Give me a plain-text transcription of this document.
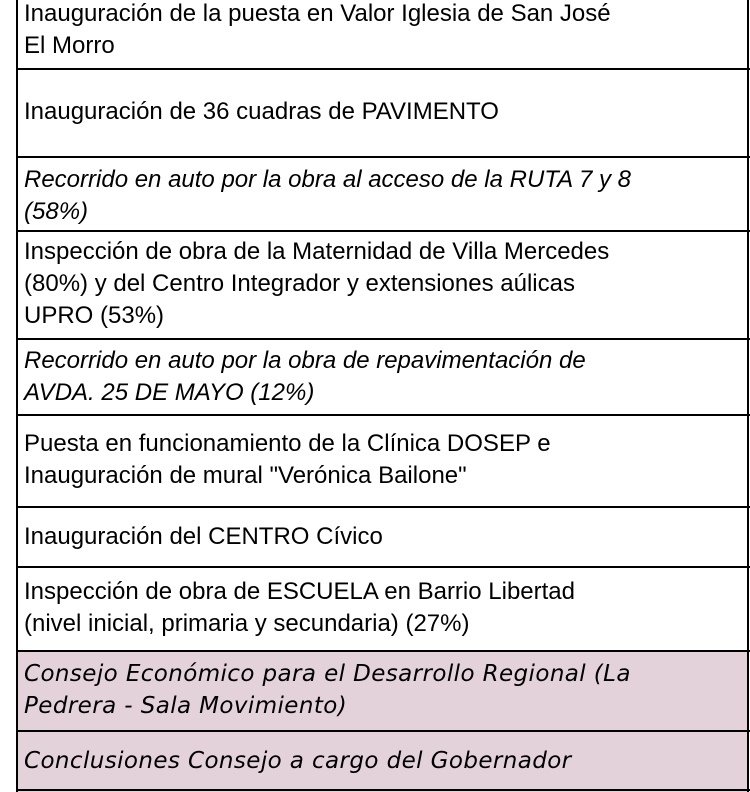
Inauguración de la puesta en Valor Iglesia de San José
El Morro
Inauguración de 36 cuadras de PAVIMENTO
Recorrido en auto por la obra al acceso de la RUTA 7 y 8
(58%)
Inspección de obra de la Maternidad de Villa Mercedes
(80%) y del Centro Integrador y extensiones aúlicas
UPRO (53%)
Recorrido en auto por la obra de repavimentación de
AVDA. 25 DE MAYO (12%)
Puesta en funcionamiento de la Clínica DOSEP e
Inauguración de mural "Verónica Bailone"
Inauguración del CENTRO Cívico
Inspección de obra de ESCUELA en Barrio Libertad
(nivel inicial, primaria y secundaria) (27%)
Consejo Económico para el Desarrollo Regional (La
Pedrera - Sala Movimiento)
Conclusiones Consejo a cargo del Gobernador
